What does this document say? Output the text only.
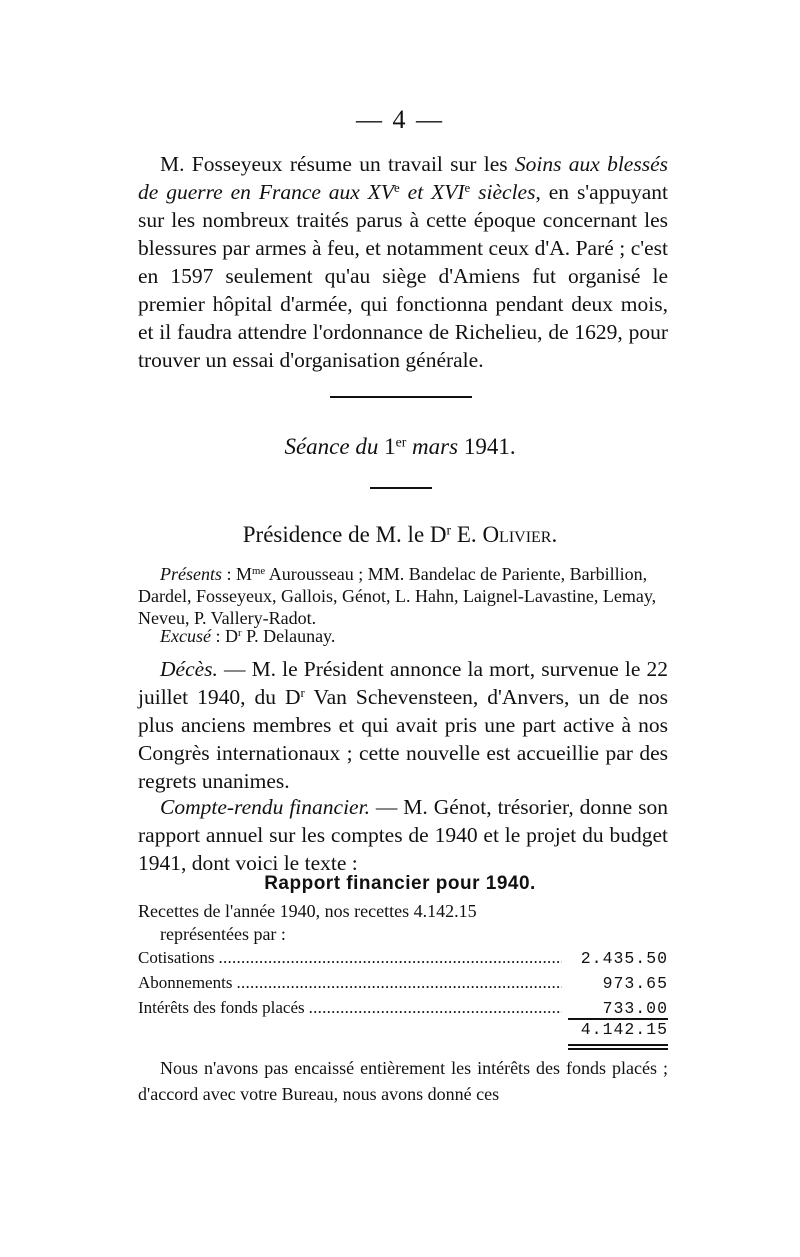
— 4 —
M. Fosseyeux résume un travail sur les Soins aux blessés de guerre en France aux XVe et XVIe siècles, en s'appuyant sur les nombreux traités parus à cette époque concernant les blessures par armes à feu, et notamment ceux d'A. Paré ; c'est en 1597 seulement qu'au siège d'Amiens fut organisé le premier hôpital d'armée, qui fonctionna pendant deux mois, et il faudra attendre l'ordonnance de Richelieu, de 1629, pour trouver un essai d'organisation générale.
Séance du 1er mars 1941.
Présidence de M. le $D^r$ E. Olivier.
Présents : $M^{me}$ Aurousseau ; MM. Bandelac de Pariente, Barbillion, Dardel, Fosseyeux, Gallois, Génot, L. Hahn, Laignel-Lavastine, Lemay, Neveu, P. Vallery-Radot.
Excusé : $D^r$ P. Delaunay.
Décès. — M. le Président annonce la mort, survenue le 22 juillet 1940, du $D^r$ Van Schevensteen, d'Anvers, un de nos plus anciens membres et qui avait pris une part active à nos Congrès internationaux ; cette nouvelle est accueillie par des regrets unanimes.
Compte-rendu financier. — M. Génot, trésorier, donne son rapport annuel sur les comptes de 1940 et le projet du budget 1941, dont voici le texte :
Rapport financier pour 1940.
Recettes de l'année 1940, nos recettes 4.142.15
représentées par :
Cotisations . . .	2.435.50
Abonnements . . .	973.65
Intérêts des fonds placés . . .	733.00
4.142.15
Nous n'avons pas encaissé entièrement les intérêts des fonds placés ; d'accord avec votre Bureau, nous avons donné ces
